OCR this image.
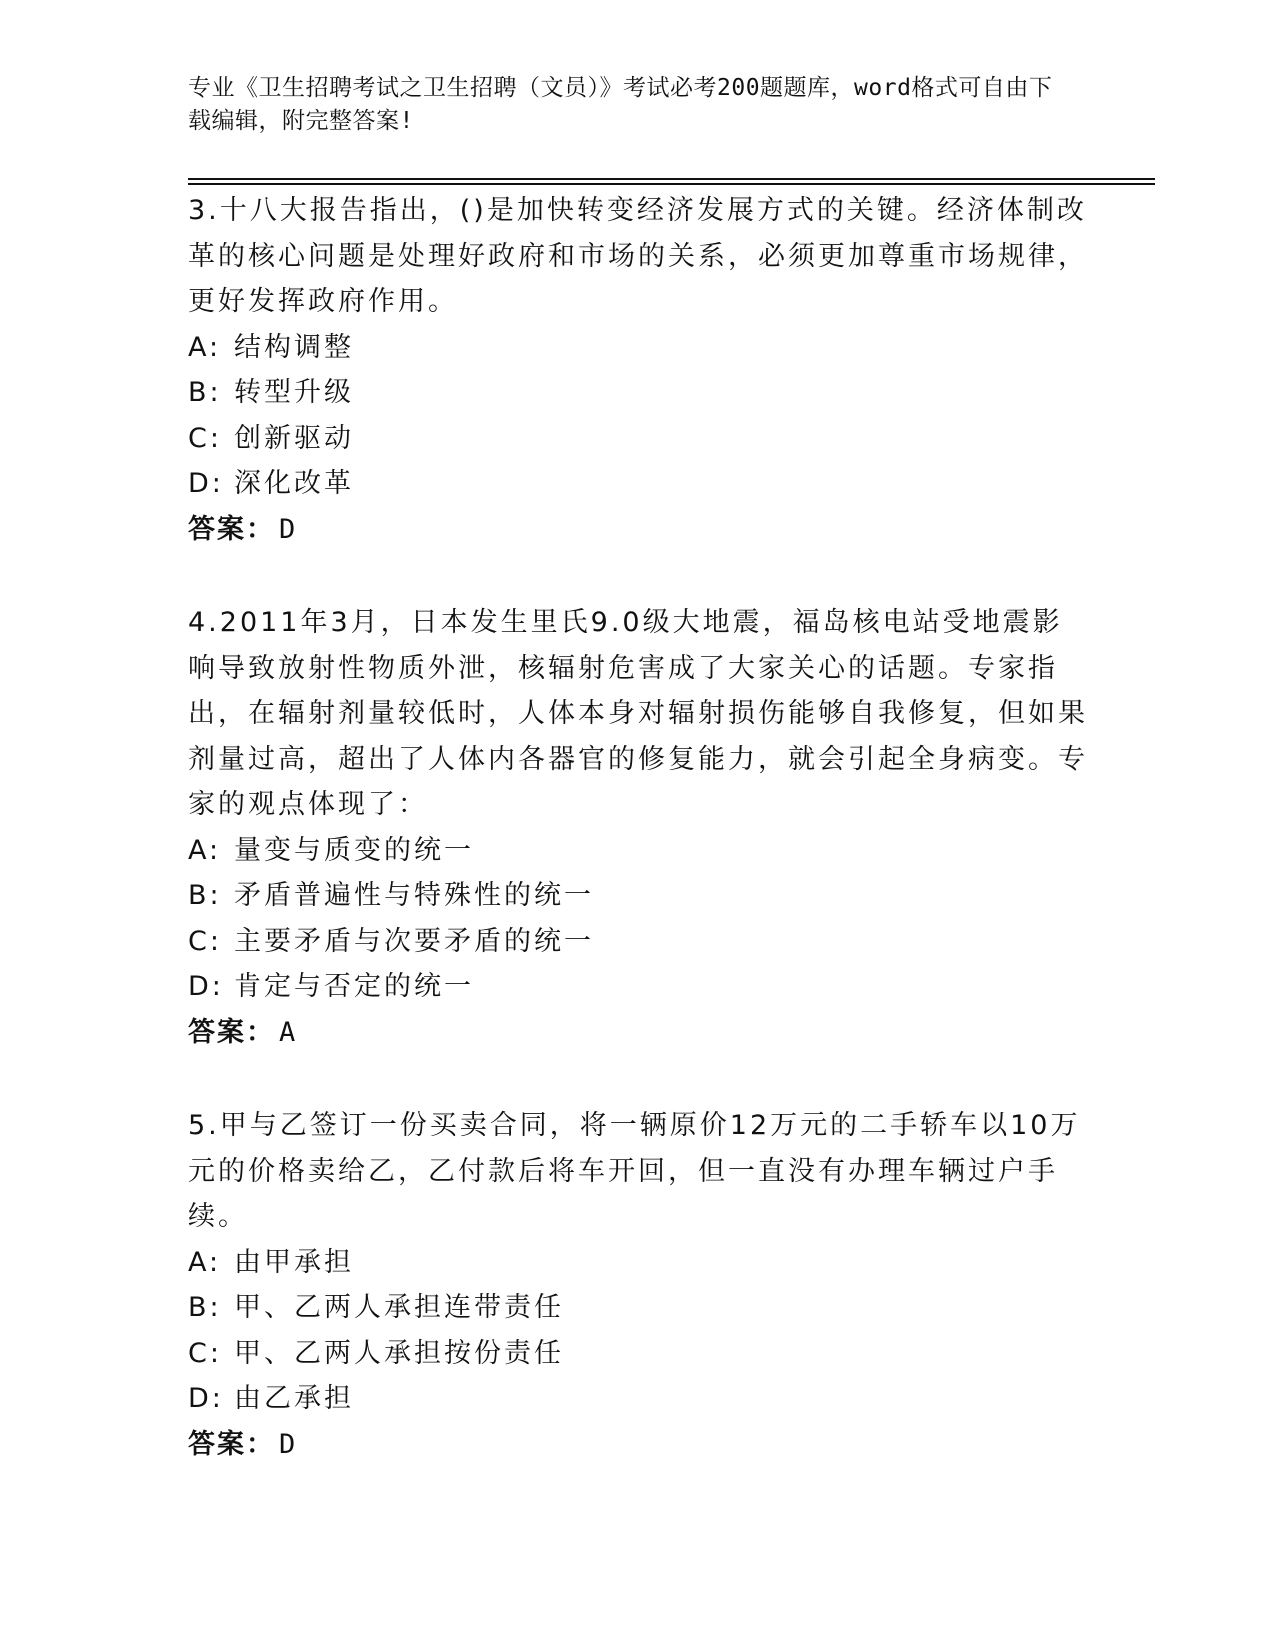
专业《卫生招聘考试之卫生招聘（文员）》考试必考200题题库，word格式可自由下载编辑，附完整答案!
3.十八大报告指出，()是加快转变经济发展方式的关键。经济体制改革的核心问题是处理好政府和市场的关系，必须更加尊重市场规律，更好发挥政府作用。
A: 结构调整
B: 转型升级
C: 创新驱动
D: 深化改革
答案： D
4.2011年3月，日本发生里氏9.0级大地震，福岛核电站受地震影响导致放射性物质外泄，核辐射危害成了大家关心的话题。专家指出，在辐射剂量较低时，人体本身对辐射损伤能够自我修复，但如果剂量过高，超出了人体内各器官的修复能力，就会引起全身病变。专家的观点体现了：
A: 量变与质变的统一
B: 矛盾普遍性与特殊性的统一
C: 主要矛盾与次要矛盾的统一
D: 肯定与否定的统一
答案： A
5.甲与乙签订一份买卖合同，将一辆原价12万元的二手轿车以10万元的价格卖给乙，乙付款后将车开回，但一直没有办理车辆过户手续。
A: 由甲承担
B: 甲、乙两人承担连带责任
C: 甲、乙两人承担按份责任
D: 由乙承担
答案： D
